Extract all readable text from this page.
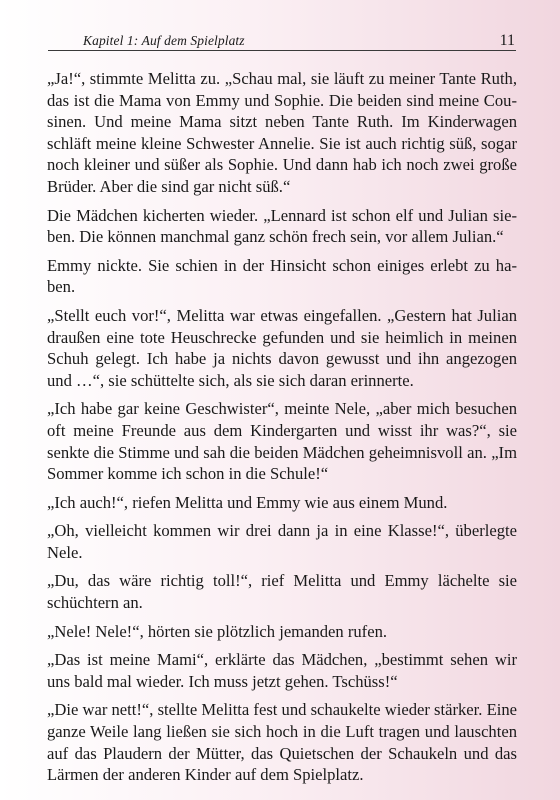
Kapitel 1: Auf dem Spielplatz	11

„Ja!“, stimmte Melitta zu. „Schau mal, sie läuft zu meiner Tante Ruth, das ist die Mama von Emmy und Sophie. Die beiden sind meine Cousinen. Und meine Mama sitzt neben Tante Ruth. Im Kinderwagen schläft meine kleine Schwester Annelie. Sie ist auch richtig süß, sogar noch kleiner und süßer als Sophie. Und dann hab ich noch zwei große Brüder. Aber die sind gar nicht süß.“

Die Mädchen kicherten wieder. „Lennard ist schon elf und Julian sieben. Die können manchmal ganz schön frech sein, vor allem Julian.“

Emmy nickte. Sie schien in der Hinsicht schon einiges erlebt zu haben.

„Stellt euch vor!“, Melitta war etwas eingefallen. „Gestern hat Julian draußen eine tote Heuschrecke gefunden und sie heimlich in meinen Schuh gelegt. Ich habe ja nichts davon gewusst und ihn angezogen und …“, sie schüttelte sich, als sie sich daran erinnerte.

„Ich habe gar keine Geschwister“, meinte Nele, „aber mich besuchen oft meine Freunde aus dem Kindergarten und wisst ihr was?“, sie senkte die Stimme und sah die beiden Mädchen geheimnisvoll an. „Im Sommer komme ich schon in die Schule!“

„Ich auch!“, riefen Melitta und Emmy wie aus einem Mund.

„Oh, vielleicht kommen wir drei dann ja in eine Klasse!“, überlegte Nele.

„Du, das wäre richtig toll!“, rief Melitta und Emmy lächelte sie schüchtern an.

„Nele! Nele!“, hörten sie plötzlich jemanden rufen.

„Das ist meine Mami“, erklärte das Mädchen, „bestimmt sehen wir uns bald mal wieder. Ich muss jetzt gehen. Tschüss!“

„Die war nett!“, stellte Melitta fest und schaukelte wieder stärker. Eine ganze Weile lang ließen sie sich hoch in die Luft tragen und lauschten auf das Plaudern der Mütter, das Quietschen der Schaukeln und das Lärmen der anderen Kinder auf dem Spielplatz.
